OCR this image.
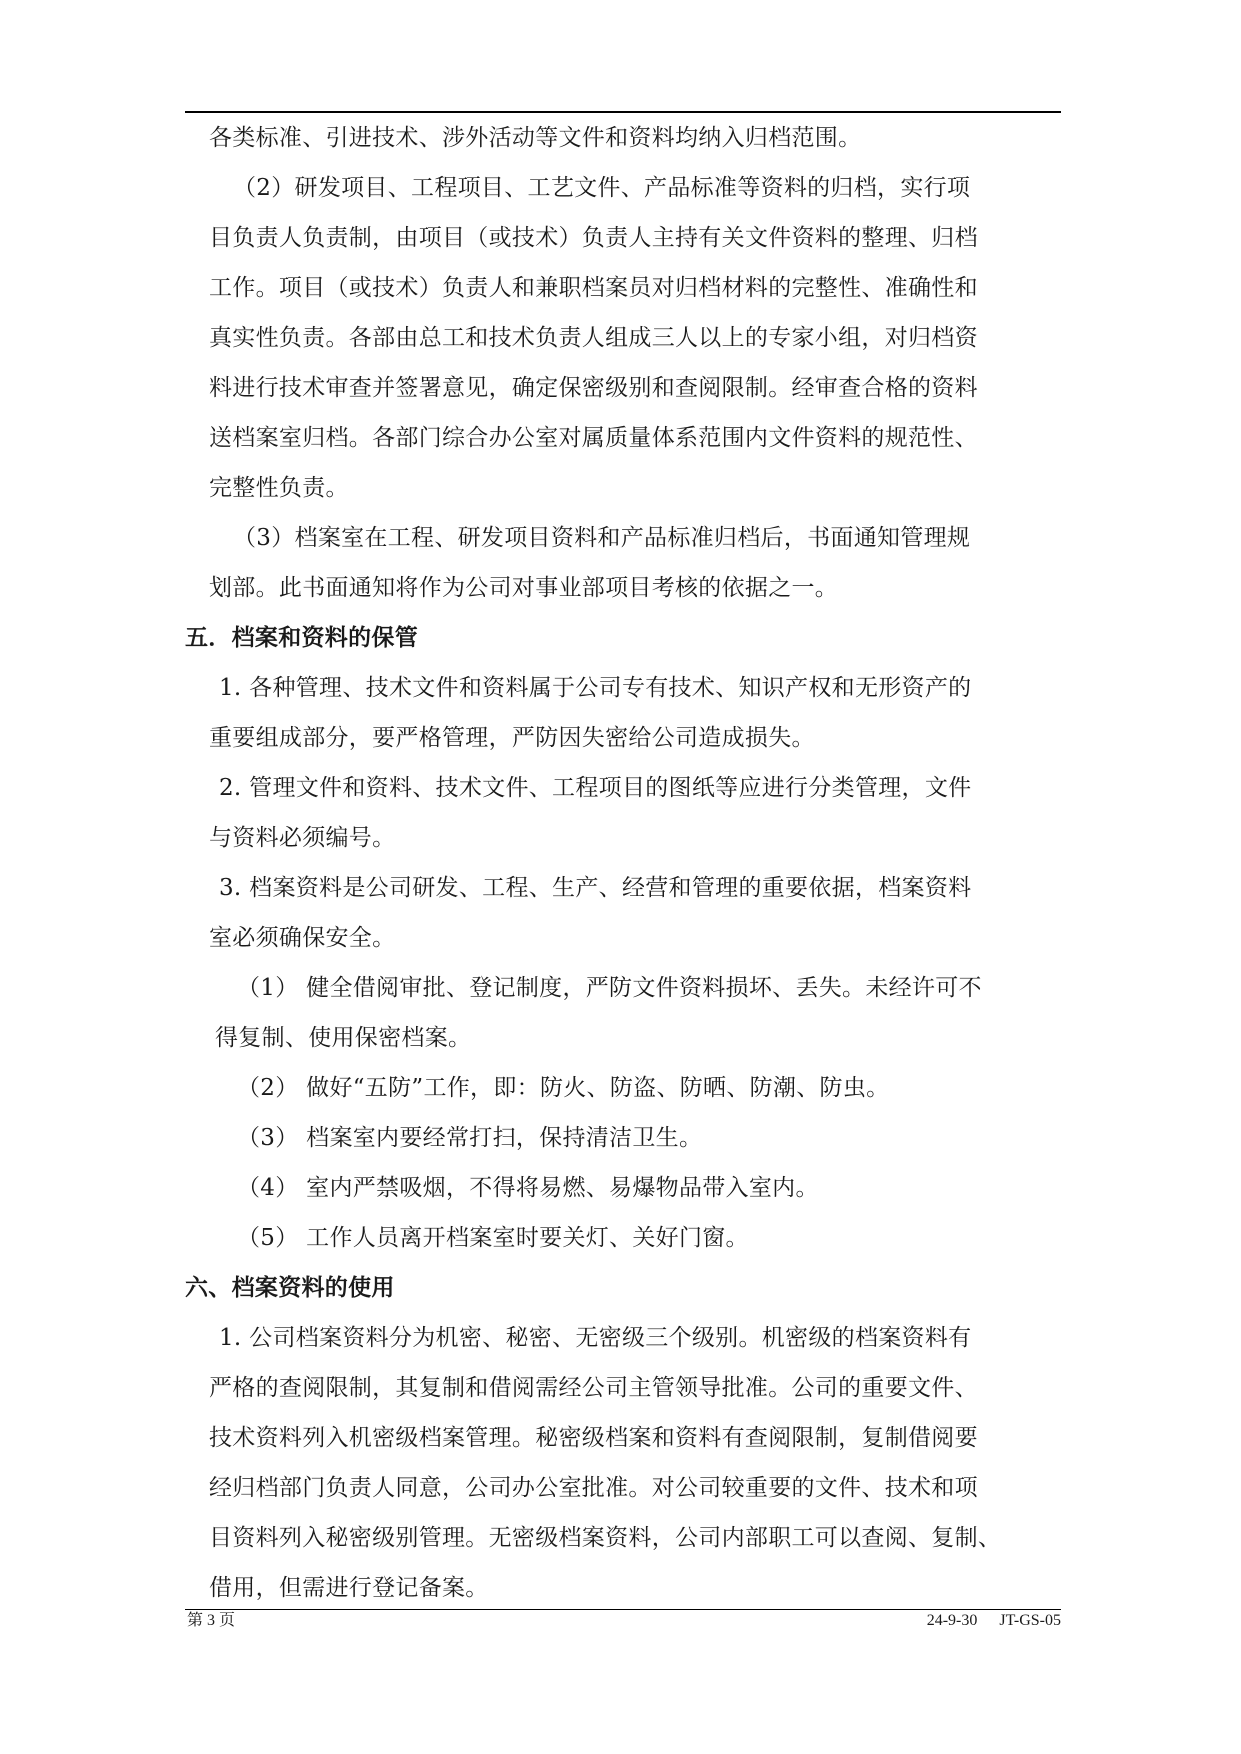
各类标准、引进技术、涉外活动等文件和资料均纳入归档范围。
（2）研发项目、工程项目、工艺文件、产品标准等资料的归档，实行项
目负责人负责制，由项目（或技术）负责人主持有关文件资料的整理、归档
工作。项目（或技术）负责人和兼职档案员对归档材料的完整性、准确性和
真实性负责。各部由总工和技术负责人组成三人以上的专家小组，对归档资
料进行技术审查并签署意见，确定保密级别和查阅限制。经审查合格的资料
送档案室归档。各部门综合办公室对属质量体系范围内文件资料的规范性、
完整性负责。
（3）档案室在工程、研发项目资料和产品标准归档后，书面通知管理规
划部。此书面通知将作为公司对事业部项目考核的依据之一。
五．档案和资料的保管
1. 各种管理、技术文件和资料属于公司专有技术、知识产权和无形资产的
重要组成部分，要严格管理，严防因失密给公司造成损失。
2. 管理文件和资料、技术文件、工程项目的图纸等应进行分类管理，文件
与资料必须编号。
3. 档案资料是公司研发、工程、生产、经营和管理的重要依据，档案资料
室必须确保安全。
（1） 健全借阅审批、登记制度，严防文件资料损坏、丢失。未经许可不
得复制、使用保密档案。
（2） 做好“五防”工作，即：防火、防盗、防晒、防潮、防虫。
（3） 档案室内要经常打扫，保持清洁卫生。
（4） 室内严禁吸烟，不得将易燃、易爆物品带入室内。
（5） 工作人员离开档案室时要关灯、关好门窗。
六、档案资料的使用
1. 公司档案资料分为机密、秘密、无密级三个级别。机密级的档案资料有
严格的查阅限制，其复制和借阅需经公司主管领导批准。公司的重要文件、
技术资料列入机密级档案管理。秘密级档案和资料有查阅限制，复制借阅要
经归档部门负责人同意，公司办公室批准。对公司较重要的文件、技术和项
目资料列入秘密级别管理。无密级档案资料，公司内部职工可以查阅、复制、
借用，但需进行登记备案。
第 3 页	24-9-30 JT-GS-05
